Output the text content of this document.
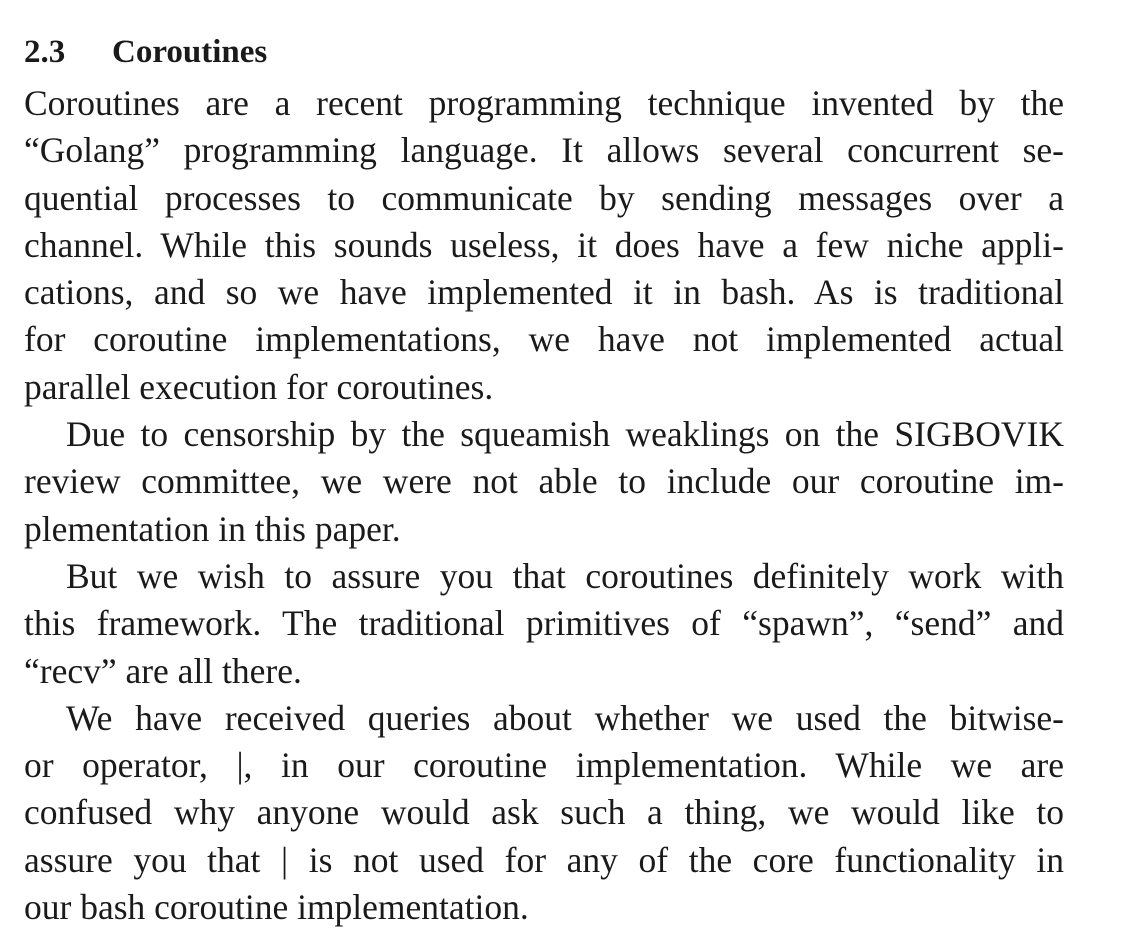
2.3	Coroutines
Coroutines are a recent programming technique invented by the
“Golang” programming language. It allows several concurrent se-
quential processes to communicate by sending messages over a
channel. While this sounds useless, it does have a few niche appli-
cations, and so we have implemented it in bash. As is traditional
for coroutine implementations, we have not implemented actual
parallel execution for coroutines.
Due to censorship by the squeamish weaklings on the SIGBOVIK
review committee, we were not able to include our coroutine im-
plementation in this paper.
But we wish to assure you that coroutines definitely work with
this framework. The traditional primitives of “spawn”, “send” and
“recv” are all there.
We have received queries about whether we used the bitwise-
or operator, |, in our coroutine implementation. While we are
confused why anyone would ask such a thing, we would like to
assure you that | is not used for any of the core functionality in
our bash coroutine implementation.
